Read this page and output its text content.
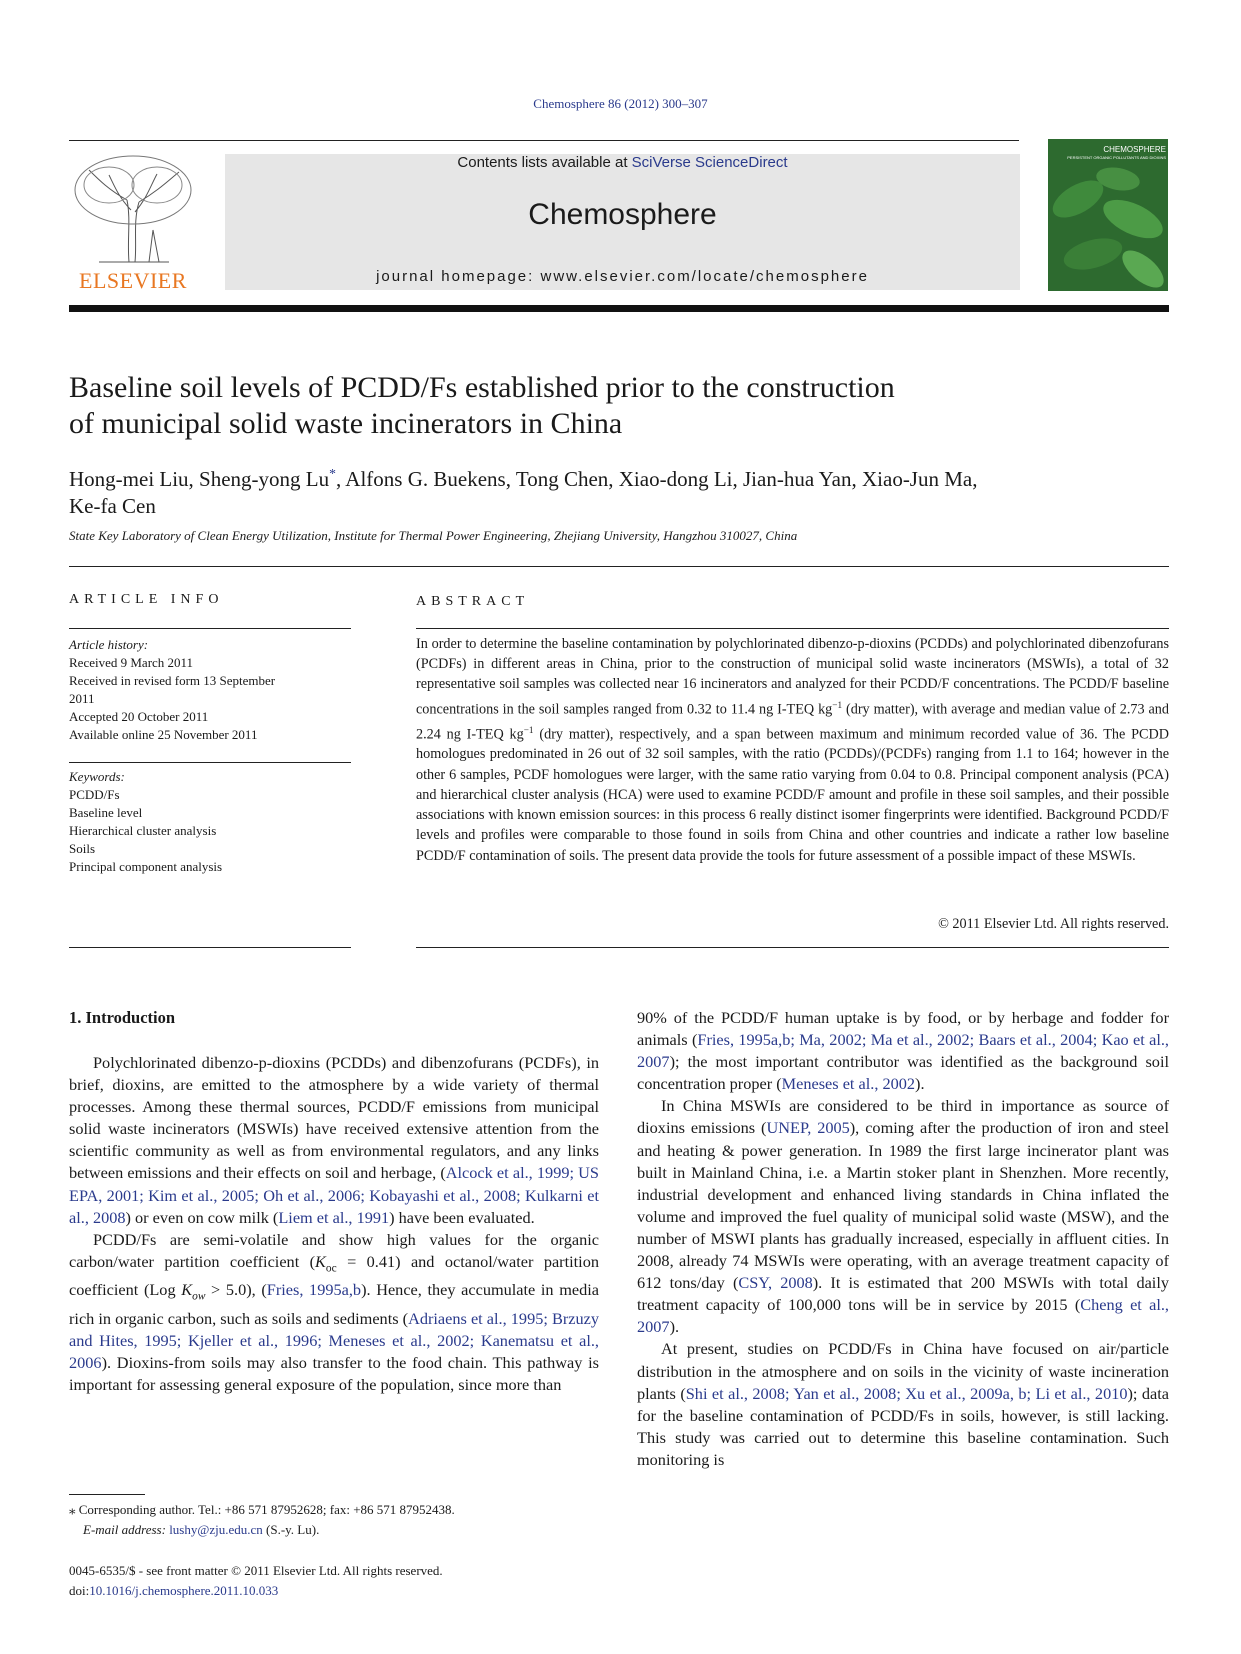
Chemosphere 86 (2012) 300–307
ELSEVIER
Contents lists available at SciVerse ScienceDirect
Chemosphere
journal homepage: www.elsevier.com/locate/chemosphere
CHEMOSPHERE
PERSISTENT ORGANIC POLLUTANTS AND DIOXINS
Baseline soil levels of PCDD/Fs established prior to the construction
of municipal solid waste incinerators in China
Hong-mei Liu, Sheng-yong Lu*, Alfons G. Buekens, Tong Chen, Xiao-dong Li, Jian-hua Yan, Xiao-Jun Ma,
Ke-fa Cen
State Key Laboratory of Clean Energy Utilization, Institute for Thermal Power Engineering, Zhejiang University, Hangzhou 310027, China
ARTICLE INFO
Article history:
Received 9 March 2011
Received in revised form 13 September
2011
Accepted 20 October 2011
Available online 25 November 2011
Keywords:
PCDD/Fs
Baseline level
Hierarchical cluster analysis
Soils
Principal component analysis
ABSTRACT
In order to determine the baseline contamination by polychlorinated dibenzo-p-dioxins (PCDDs) and polychlorinated dibenzofurans (PCDFs) in different areas in China, prior to the construction of municipal solid waste incinerators (MSWIs), a total of 32 representative soil samples was collected near 16 incinerators and analyzed for their PCDD/F concentrations. The PCDD/F baseline concentrations in the soil samples ranged from 0.32 to 11.4 ng I-TEQ $kg^{-1}$ (dry matter), with average and median value of 2.73 and 2.24 ng I-TEQ $kg^{-1}$ (dry matter), respectively, and a span between maximum and minimum recorded value of 36. The PCDD homologues predominated in 26 out of 32 soil samples, with the ratio (PCDDs)/(PCDFs) ranging from 1.1 to 164; however in the other 6 samples, PCDF homologues were larger, with the same ratio varying from 0.04 to 0.8. Principal component analysis (PCA) and hierarchical cluster analysis (HCA) were used to examine PCDD/F amount and profile in these soil samples, and their possible associations with known emission sources: in this process 6 really distinct isomer fingerprints were identified. Background PCDD/F levels and profiles were comparable to those found in soils from China and other countries and indicate a rather low baseline PCDD/F contamination of soils. The present data provide the tools for future assessment of a possible impact of these MSWIs.
© 2011 Elsevier Ltd. All rights reserved.
1. Introduction

Polychlorinated dibenzo-p-dioxins (PCDDs) and dibenzofurans (PCDFs), in brief, dioxins, are emitted to the atmosphere by a wide variety of thermal processes. Among these thermal sources, PCDD/F emissions from municipal solid waste incinerators (MSWIs) have received extensive attention from the scientific community as well as from environmental regulators, and any links between emissions and their effects on soil and herbage, (Alcock et al., 1999; US EPA, 2001; Kim et al., 2005; Oh et al., 2006; Kobayashi et al., 2008; Kulkarni et al., 2008) or even on cow milk (Liem et al., 1991) have been evaluated.

PCDD/Fs are semi-volatile and show high values for the organic carbon/water partition coefficient $(K_{oc} = 0.41)$ and octanol/water partition coefficient (Log $K_{ow} > 5.0$), (Fries, 1995a,b). Hence, they accumulate in media rich in organic carbon, such as soils and sediments (Adriaens et al., 1995; Brzuzy and Hites, 1995; Kjeller et al., 1996; Meneses et al., 2002; Kanematsu et al., 2006). Dioxins-from soils may also transfer to the food chain. This pathway is important for assessing general exposure of the population, since more than

90% of the PCDD/F human uptake is by food, or by herbage and fodder for animals (Fries, 1995a,b; Ma, 2002; Ma et al., 2002; Baars et al., 2004; Kao et al., 2007); the most important contributor was identified as the background soil concentration proper (Meneses et al., 2002).

In China MSWIs are considered to be third in importance as source of dioxins emissions (UNEP, 2005), coming after the production of iron and steel and heating & power generation. In 1989 the first large incinerator plant was built in Mainland China, i.e. a Martin stoker plant in Shenzhen. More recently, industrial development and enhanced living standards in China inflated the volume and improved the fuel quality of municipal solid waste (MSW), and the number of MSWI plants has gradually increased, especially in affluent cities. In 2008, already 74 MSWIs were operating, with an average treatment capacity of 612 tons/day (CSY, 2008). It is estimated that 200 MSWIs with total daily treatment capacity of 100,000 tons will be in service by 2015 (Cheng et al., 2007).

At present, studies on PCDD/Fs in China have focused on air/particle distribution in the atmosphere and on soils in the vicinity of waste incineration plants (Shi et al., 2008; Yan et al., 2008; Xu et al., 2009a, b; Li et al., 2010); data for the baseline contamination of PCDD/Fs in soils, however, is still lacking. This study was carried out to determine this baseline contamination. Such monitoring is

⁎ Corresponding author. Tel.: +86 571 87952628; fax: +86 571 87952438.
E-mail address: lushy@zju.edu.cn (S.-y. Lu).
0045-6535/$ - see front matter © 2011 Elsevier Ltd. All rights reserved.
doi:10.1016/j.chemosphere.2011.10.033
